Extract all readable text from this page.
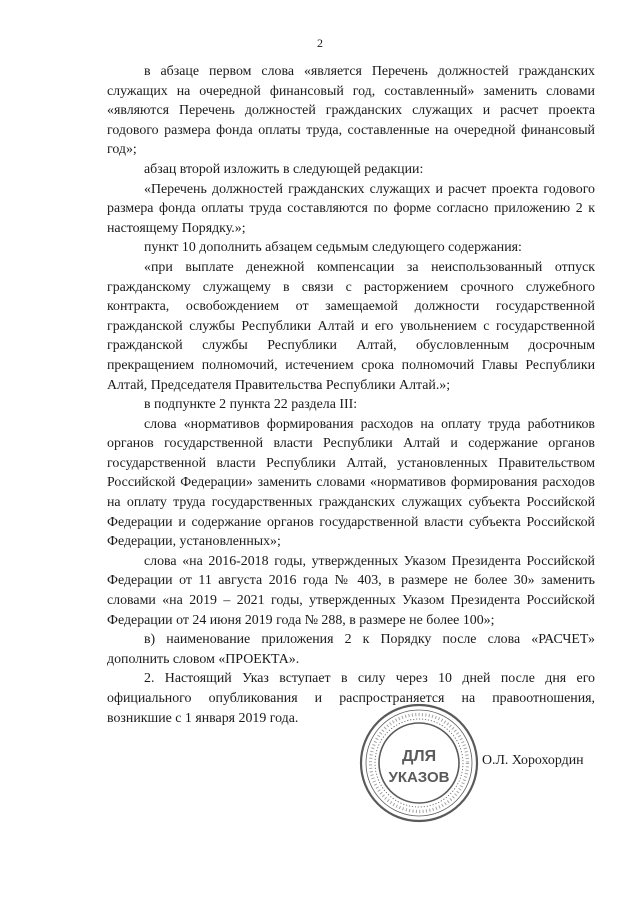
2

в абзаце первом слова «является Перечень должностей гражданских служащих на очередной финансовый год, составленный» заменить словами «являются Перечень должностей гражданских служащих и расчет проекта годового размера фонда оплаты труда, составленные на очередной финансовый год»;

абзац второй изложить в следующей редакции:

«Перечень должностей гражданских служащих и расчет проекта годового размера фонда оплаты труда составляются по форме согласно приложению 2 к настоящему Порядку.»;

пункт 10 дополнить абзацем седьмым следующего содержания:

«при выплате денежной компенсации за неиспользованный отпуск гражданскому служащему в связи с расторжением срочного служебного контракта, освобождением от замещаемой должности государственной гражданской службы Республики Алтай и его увольнением с государственной гражданской службы Республики Алтай, обусловленным досрочным прекращением полномочий, истечением срока полномочий Главы Республики Алтай, Председателя Правительства Республики Алтай.»;

в подпункте 2 пункта 22 раздела III:

слова «нормативов формирования расходов на оплату труда работников органов государственной власти Республики Алтай и содержание органов государственной власти Республики Алтай, установленных Правительством Российской Федерации» заменить словами «нормативов формирования расходов на оплату труда государственных гражданских служащих субъекта Российской Федерации и содержание органов государственной власти субъекта Российской Федерации, установленных»;

слова «на 2016-2018 годы, утвержденных Указом Президента Российской Федерации от 11 августа 2016 года № 403, в размере не более 30» заменить словами «на 2019 – 2021 годы, утвержденных Указом Президента Российской Федерации от 24 июня 2019 года № 288, в размере не более 100»;

в) наименование приложения 2 к Порядку после слова «РАСЧЕТ» дополнить словом «ПРОЕКТА».

2. Настоящий Указ вступает в силу через 10 дней после дня его официального опубликования и распространяется на правоотношения, возникшие с 1 января 2019 года.

ДЛЯ
УКАЗОВ
О.Л. Хорохордин
